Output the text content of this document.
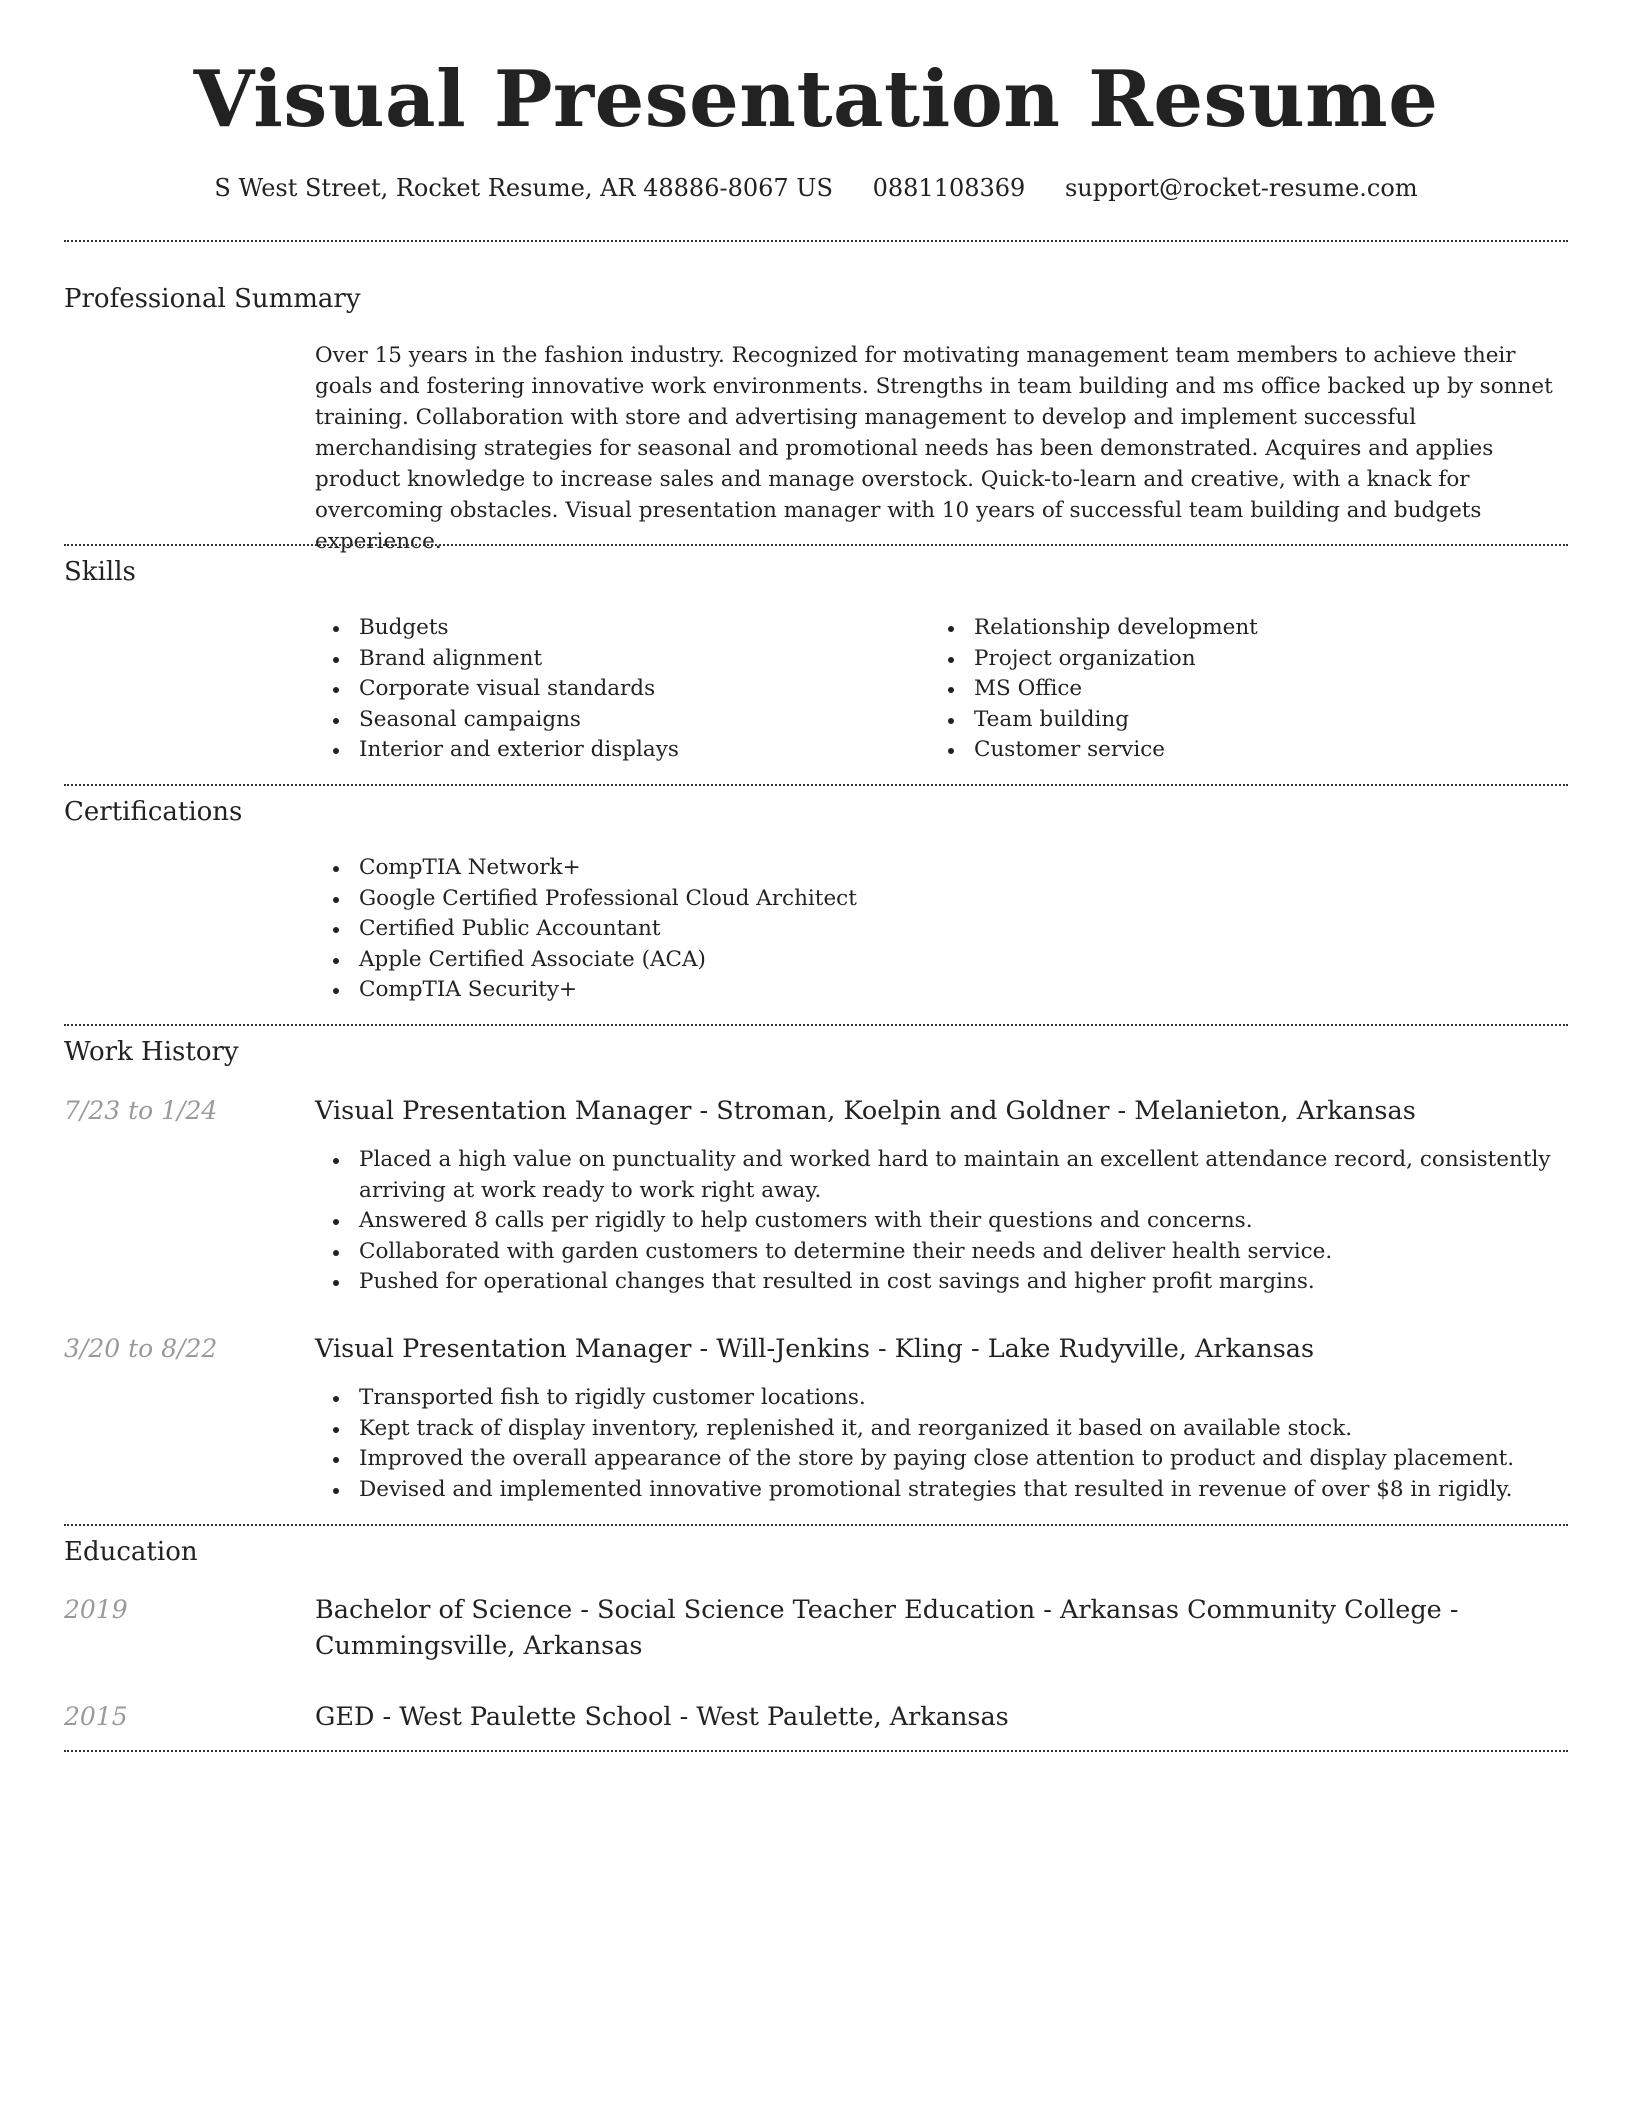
Visual Presentation Resume
S West Street, Rocket Resume, AR 48886-8067 US 0881108369 support@rocket-resume.com
Professional Summary

Over 15 years in the fashion industry. Recognized for motivating management team members to achieve their goals and fostering innovative work environments. Strengths in team building and ms office backed up by sonnet training. Collaboration with store and advertising management to develop and implement successful merchandising strategies for seasonal and promotional needs has been demonstrated. Acquires and applies product knowledge to increase sales and manage overstock. Quick-to-learn and creative, with a knack for overcoming obstacles. Visual presentation manager with 10 years of successful team building and budgets experience.

Skills
Budgets
Brand alignment
Corporate visual standards
Seasonal campaigns
Interior and exterior displays
Relationship development
Project organization
MS Office
Team building
Customer service
Certifications
CompTIA Network+
Google Certified Professional Cloud Architect
Certified Public Accountant
Apple Certified Associate (ACA)
CompTIA Security+
Work History
7/23 to 1/24	Visual Presentation Manager - Stroman, Koelpin and Goldner - Melanieton, Arkansas
Placed a high value on punctuality and worked hard to maintain an excellent attendance record, consistently arriving at work ready to work right away.
Answered 8 calls per rigidly to help customers with their questions and concerns.
Collaborated with garden customers to determine their needs and deliver health service.
Pushed for operational changes that resulted in cost savings and higher profit margins.
3/20 to 8/22	Visual Presentation Manager - Will-Jenkins - Kling - Lake Rudyville, Arkansas
Transported fish to rigidly customer locations.
Kept track of display inventory, replenished it, and reorganized it based on available stock.
Improved the overall appearance of the store by paying close attention to product and display placement.
Devised and implemented innovative promotional strategies that resulted in revenue of over $8 in rigidly.
Education
2019	Bachelor of Science - Social Science Teacher Education - Arkansas Community College - Cummingsville, Arkansas
2015	GED - West Paulette School - West Paulette, Arkansas
